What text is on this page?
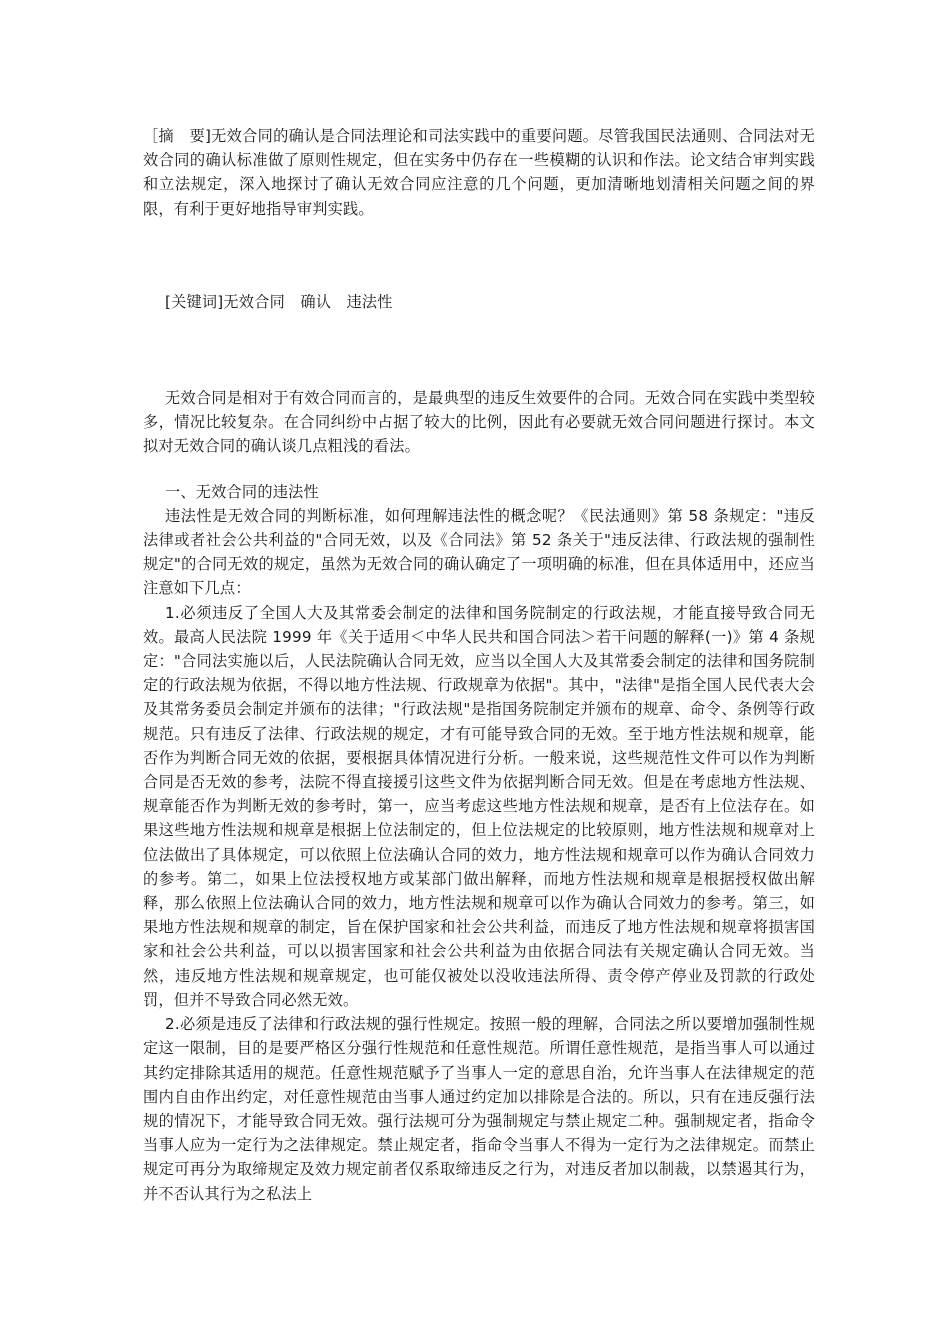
［摘　要]无效合同的确认是合同法理论和司法实践中的重要问题。尽管我国民法通则、合同法对无效合同的确认标准做了原则性规定，但在实务中仍存在一些模糊的认识和作法。论文结合审判实践和立法规定，深入地探讨了确认无效合同应注意的几个问题，更加清晰地划清相关问题之间的界限，有利于更好地指导审判实践。

[关键词]无效合同　确认　违法性

无效合同是相对于有效合同而言的，是最典型的违反生效要件的合同。无效合同在实践中类型较多，情况比较复杂。在合同纠纷中占据了较大的比例，因此有必要就无效合同问题进行探讨。本文拟对无效合同的确认谈几点粗浅的看法。

一、无效合同的违法性

违法性是无效合同的判断标准，如何理解违法性的概念呢？《民法通则》第 58 条规定："违反法律或者社会公共利益的"合同无效，以及《合同法》第 52 条关于"违反法律、行政法规的强制性规定"的合同无效的规定，虽然为无效合同的确认确定了一项明确的标准，但在具体适用中，还应当注意如下几点：

1.必须违反了全国人大及其常委会制定的法律和国务院制定的行政法规，才能直接导致合同无效。最高人民法院 1999 年《关于适用＜中华人民共和国合同法＞若干问题的解释(一)》第 4 条规定："合同法实施以后，人民法院确认合同无效，应当以全国人大及其常委会制定的法律和国务院制定的行政法规为依据，不得以地方性法规、行政规章为依据"。其中，"法律"是指全国人民代表大会及其常务委员会制定并颁布的法律；"行政法规"是指国务院制定并颁布的规章、命令、条例等行政规范。只有违反了法律、行政法规的规定，才有可能导致合同的无效。至于地方性法规和规章，能否作为判断合同无效的依据，要根据具体情况进行分析。一般来说，这些规范性文件可以作为判断合同是否无效的参考，法院不得直接援引这些文件为依据判断合同无效。但是在考虑地方性法规、规章能否作为判断无效的参考时，第一，应当考虑这些地方性法规和规章，是否有上位法存在。如果这些地方性法规和规章是根据上位法制定的，但上位法规定的比较原则，地方性法规和规章对上位法做出了具体规定，可以依照上位法确认合同的效力，地方性法规和规章可以作为确认合同效力的参考。第二，如果上位法授权地方或某部门做出解释，而地方性法规和规章是根据授权做出解释，那么依照上位法确认合同的效力，地方性法规和规章可以作为确认合同效力的参考。第三，如果地方性法规和规章的制定，旨在保护国家和社会公共利益，而违反了地方性法规和规章将损害国家和社会公共利益，可以以损害国家和社会公共利益为由依据合同法有关规定确认合同无效。当然，违反地方性法规和规章规定，也可能仅被处以没收违法所得、责令停产停业及罚款的行政处罚，但并不导致合同必然无效。

2.必须是违反了法律和行政法规的强行性规定。按照一般的理解，合同法之所以要增加强制性规定这一限制，目的是要严格区分强行性规范和任意性规范。所谓任意性规范，是指当事人可以通过其约定排除其适用的规范。任意性规范赋予了当事人一定的意思自治，允许当事人在法律规定的范围内自由作出约定，对任意性规范由当事人通过约定加以排除是合法的。所以，只有在违反强行法规的情况下，才能导致合同无效。强行法规可分为强制规定与禁止规定二种。强制规定者，指命令当事人应为一定行为之法律规定。禁止规定者，指命令当事人不得为一定行为之法律规定。而禁止规定可再分为取缔规定及效力规定前者仅系取缔违反之行为，对违反者加以制裁，以禁遏其行为，并不否认其行为之私法上
